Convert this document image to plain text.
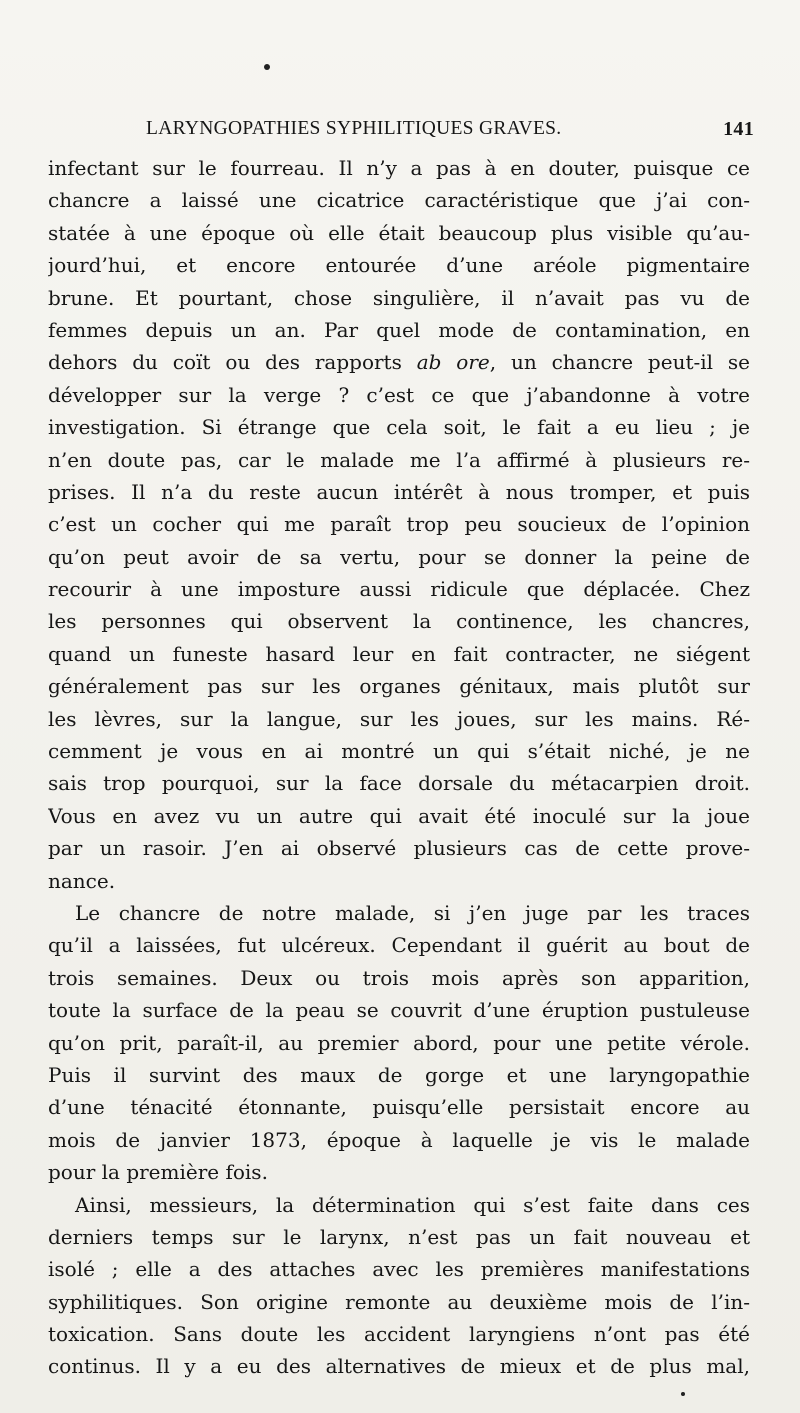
LARYNGOPATHIES SYPHILITIQUES GRAVES.	141
infectant sur le fourreau. Il n’y a pas à en douter, puisque ce
chancre a laissé une cicatrice caractéristique que j’ai con-
statée à une époque où elle était beaucoup plus visible qu’au-
jourd’hui, et encore entourée d’une aréole pigmentaire
brune. Et pourtant, chose singulière, il n’avait pas vu de
femmes depuis un an. Par quel mode de contamination, en
dehors du coït ou des rapports ab ore, un chancre peut-il se
développer sur la verge ? c’est ce que j’abandonne à votre
investigation. Si étrange que cela soit, le fait a eu lieu ; je
n’en doute pas, car le malade me l’a affirmé à plusieurs re-
prises. Il n’a du reste aucun intérêt à nous tromper, et puis
c’est un cocher qui me paraît trop peu soucieux de l’opinion
qu’on peut avoir de sa vertu, pour se donner la peine de
recourir à une imposture aussi ridicule que déplacée. Chez
les personnes qui observent la continence, les chancres,
quand un funeste hasard leur en fait contracter, ne siégent
généralement pas sur les organes génitaux, mais plutôt sur
les lèvres, sur la langue, sur les joues, sur les mains. Ré-
cemment je vous en ai montré un qui s’était niché, je ne
sais trop pourquoi, sur la face dorsale du métacarpien droit.
Vous en avez vu un autre qui avait été inoculé sur la joue
par un rasoir. J’en ai observé plusieurs cas de cette prove-
nance.
Le chancre de notre malade, si j’en juge par les traces
qu’il a laissées, fut ulcéreux. Cependant il guérit au bout de
trois semaines. Deux ou trois mois après son apparition,
toute la surface de la peau se couvrit d’une éruption pustuleuse
qu’on prit, paraît-il, au premier abord, pour une petite vérole.
Puis il survint des maux de gorge et une laryngopathie
d’une ténacité étonnante, puisqu’elle persistait encore au
mois de janvier 1873, époque à laquelle je vis le malade
pour la première fois.
Ainsi, messieurs, la détermination qui s’est faite dans ces
derniers temps sur le larynx, n’est pas un fait nouveau et
isolé ; elle a des attaches avec les premières manifestations
syphilitiques. Son origine remonte au deuxième mois de l’in-
toxication. Sans doute les accident laryngiens n’ont pas été
continus. Il y a eu des alternatives de mieux et de plus mal,
